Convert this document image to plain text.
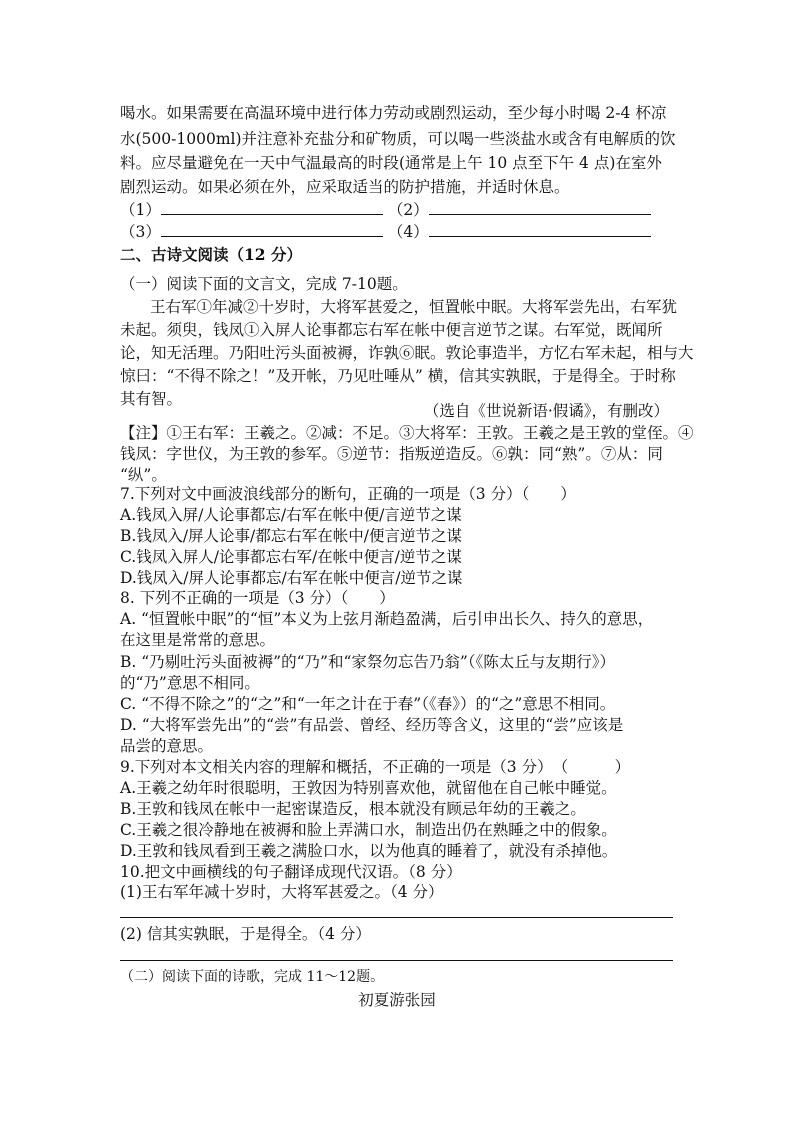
喝水。如果需要在高温环境中进行体力劳动或剧烈运动，至少每小时喝 2-4 杯凉
水(500-1000ml)并注意补充盐分和矿物质，可以喝一些淡盐水或含有电解质的饮
料。应尽量避免在一天中气温最高的时段(通常是上午 10 点至下午 4 点)在室外
剧烈运动。如果必须在外，应采取适当的防护措施，并适时休息。
（1）	（2）
（3）	（4）
二、古诗文阅读（12 分）
（一）阅读下面的文言文，完成 7-10题。
王右军①年减②十岁时，大将军甚爱之，恒置帐中眠。大将军尝先出，右军犹
未起。须臾，钱凤①入屏人论事都忘右军在帐中便言逆节之谋。右军觉，既闻所
论，知无活理。乃阳吐污头面被褥，诈孰⑥眠。敦论事造半，方忆右军未起，相与大
惊曰：“不得不除之！”及开帐，乃见吐唾从” 横，信其实孰眠，于是得全。于时称
其有智。
（选自《世说新语·假谲》，有删改）
【注】①王右军：王羲之。②减：不足。③大将军：王敦。王羲之是王敦的堂侄。④
钱凤：字世仪，为王敦的参军。⑤逆节：指叛逆造反。⑥孰：同“熟”。⑦从：同
“纵”。
7.下列对文中画波浪线部分的断句，正确的一项是（3 分）（　　）
A.钱凤入屏/人论事都忘/右军在帐中便/言逆节之谋
B.钱凤入/屏人论事/都忘右军在帐中/便言逆节之谋
C.钱凤入屏人/论事都忘右军/在帐中便言/逆节之谋
D.钱凤入/屏人论事都忘/右军在帐中便言/逆节之谋
8. 下列不正确的一项是（3 分）（　　）
A. “恒置帐中眠”的“恒”本义为上弦月渐趋盈满，后引申出长久、持久的意思，
在这里是常常的意思。
B. “乃剔吐污头面被褥”的“乃”和“家祭勿忘告乃翁”（《陈太丘与友期行》）
的“乃”意思不相同。
C. “不得不除之”的“之”和“一年之计在于春”（《春》）的“之”意思不相同。
D. “大将军尝先出”的“尝”有品尝、曾经、经历等含义，这里的“尝”应该是
品尝的意思。
9.下列对本文相关内容的理解和概括，不正确的一项是（3 分）　（　　　）
A.王羲之幼年时很聪明，王敦因为特别喜欢他，就留他在自己帐中睡觉。
B.王敦和钱凤在帐中一起密谋造反，根本就没有顾忌年幼的王羲之。
C.王羲之很冷静地在被褥和脸上弄满口水，制造出仍在熟睡之中的假象。
D.王敦和钱凤看到王羲之满脸口水，以为他真的睡着了，就没有杀掉他。
10.把文中画横线的句子翻译成现代汉语。（8 分）
(1)王右军年减十岁时，大将军甚爱之。（4 分）
(2) 信其实孰眠，于是得全。（4 分）
（二）阅读下面的诗歌，完成 11～12题。
初夏游张园
